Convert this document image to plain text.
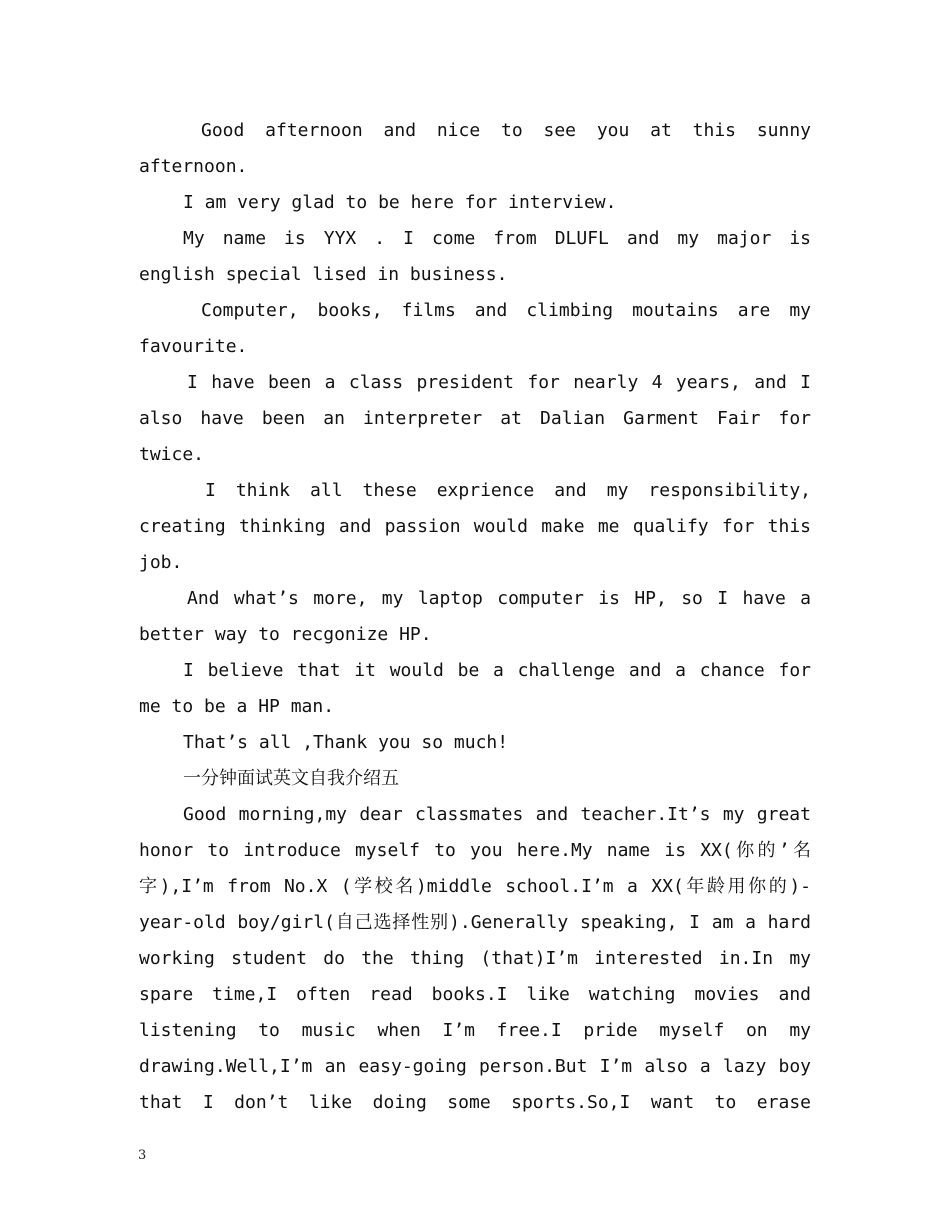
Good afternoon and nice to see you at this sunny afternoon.

I am very glad to be here for interview.

My name is YYX . I come from DLUFL and my major is english special lised in business.

Computer, books, films and climbing moutains are my favourite.

I have been a class president for nearly 4 years, and I also have been an interpreter at Dalian Garment Fair for twice.

I think all these exprience and my responsibility, creating thinking and passion would make me qualify for this job.

And what’s more, my laptop computer is HP, so I have a better way to recgonize HP.

I believe that it would be a challenge and a chance for me to be a HP man.

That’s all ,Thank you so much!

一分钟面试英文自我介绍五

Good morning,my dear classmates and teacher.It’s my great honor to introduce myself to you here.My name is XX(你的’名字),I’m from No.X (学校名)middle school.I’m a XX(年龄用你的)-year-old boy/girl(自己选择性别).Generally speaking, I am a hard working student do the thing (that)I’m interested in.In my spare time,I often read books.I like watching movies and listening to music when I’m free.I pride myself on my drawing.Well,I’m an easy-going person.But I’m also a lazy boy that I don’t like doing some sports.So,I want to erase

3
